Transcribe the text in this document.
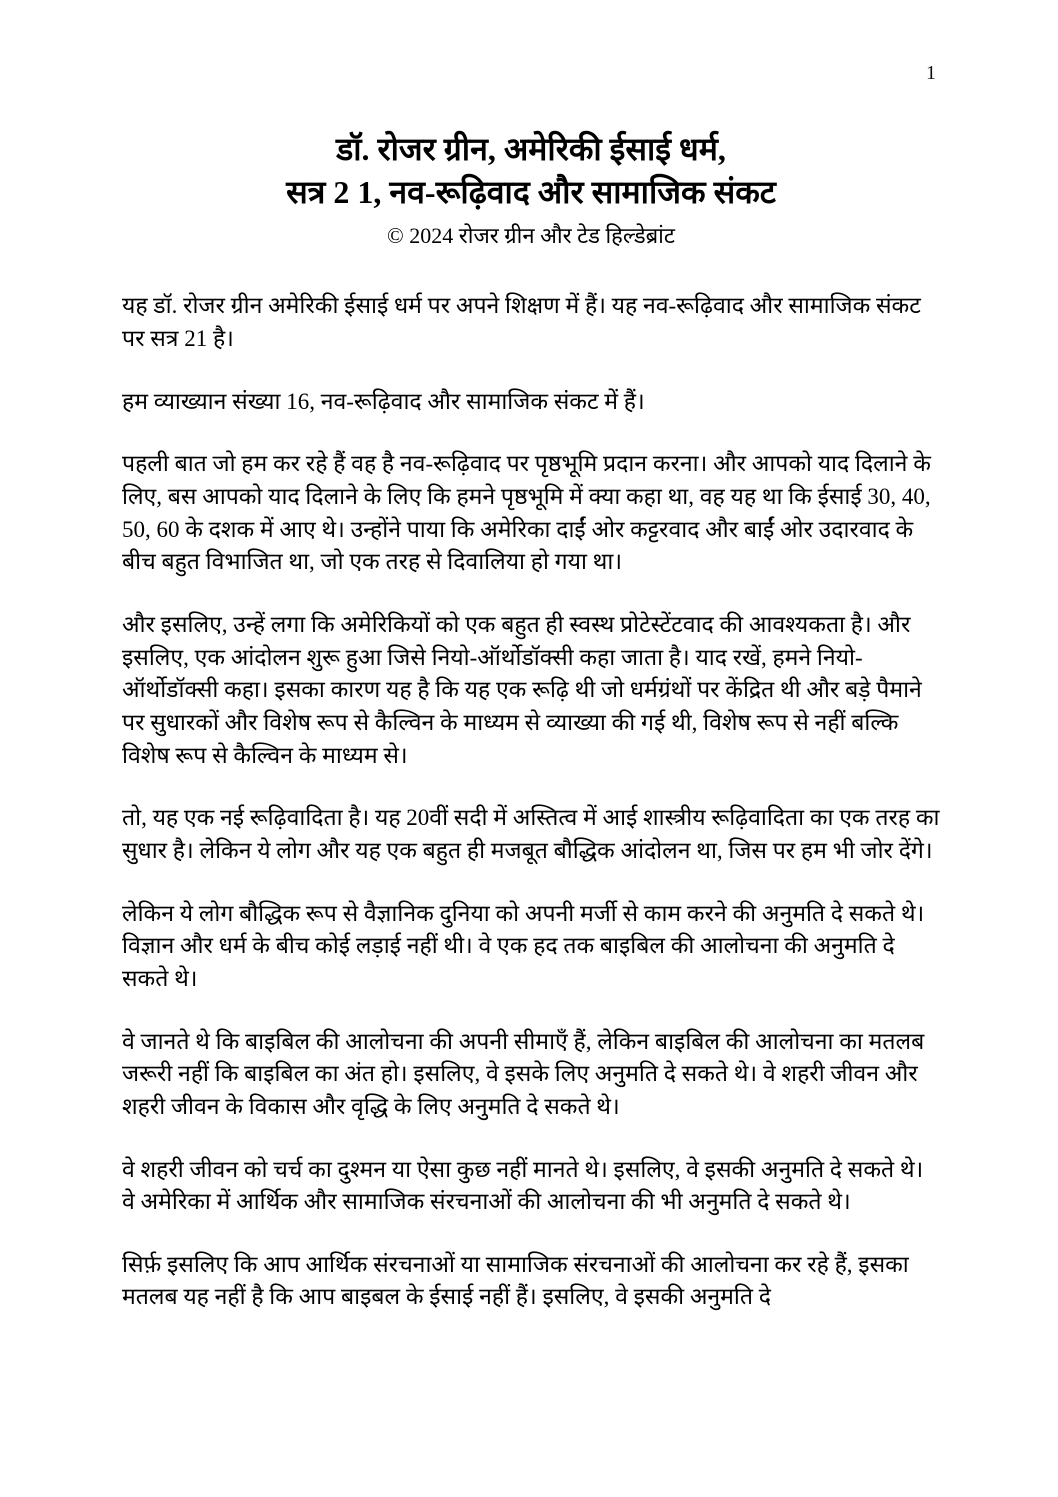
1
डॉ. रोजर ग्रीन, अमेरिकी ईसाई धर्म,
सत्र 2 1, नव-रूढ़िवाद और सामाजिक संकट
© 2024 रोजर ग्रीन और टेड हिल्डेब्रांट

यह डॉ. रोजर ग्रीन अमेरिकी ईसाई धर्म पर अपने शिक्षण में हैं। यह नव-रूढ़िवाद और सामाजिक संकट पर सत्र 21 है।

हम व्याख्यान संख्या 16, नव-रूढ़िवाद और सामाजिक संकट में हैं।

पहली बात जो हम कर रहे हैं वह है नव-रूढ़िवाद पर पृष्ठभूमि प्रदान करना। और आपको याद दिलाने के लिए, बस आपको याद दिलाने के लिए कि हमने पृष्ठभूमि में क्या कहा था, वह यह था कि ईसाई 30, 40, 50, 60 के दशक में आए थे। उन्होंने पाया कि अमेरिका दाईं ओर कट्टरवाद और बाईं ओर उदारवाद के बीच बहुत विभाजित था, जो एक तरह से दिवालिया हो गया था।

और इसलिए, उन्हें लगा कि अमेरिकियों को एक बहुत ही स्वस्थ प्रोटेस्टेंटवाद की आवश्यकता है। और इसलिए, एक आंदोलन शुरू हुआ जिसे नियो-ऑर्थोडॉक्सी कहा जाता है। याद रखें, हमने नियो-ऑर्थोडॉक्सी कहा। इसका कारण यह है कि यह एक रूढ़ि थी जो धर्मग्रंथों पर केंद्रित थी और बड़े पैमाने पर सुधारकों और विशेष रूप से कैल्विन के माध्यम से व्याख्या की गई थी, विशेष रूप से नहीं बल्कि विशेष रूप से कैल्विन के माध्यम से।

तो, यह एक नई रूढ़िवादिता है। यह 20वीं सदी में अस्तित्व में आई शास्त्रीय रूढ़िवादिता का एक तरह का सुधार है। लेकिन ये लोग और यह एक बहुत ही मजबूत बौद्धिक आंदोलन था, जिस पर हम भी जोर देंगे।

लेकिन ये लोग बौद्धिक रूप से वैज्ञानिक दुनिया को अपनी मर्जी से काम करने की अनुमति दे सकते थे। विज्ञान और धर्म के बीच कोई लड़ाई नहीं थी। वे एक हद तक बाइबिल की आलोचना की अनुमति दे सकते थे।

वे जानते थे कि बाइबिल की आलोचना की अपनी सीमाएँ हैं, लेकिन बाइबिल की आलोचना का मतलब जरूरी नहीं कि बाइबिल का अंत हो। इसलिए, वे इसके लिए अनुमति दे सकते थे। वे शहरी जीवन और शहरी जीवन के विकास और वृद्धि के लिए अनुमति दे सकते थे।

वे शहरी जीवन को चर्च का दुश्मन या ऐसा कुछ नहीं मानते थे। इसलिए, वे इसकी अनुमति दे सकते थे। वे अमेरिका में आर्थिक और सामाजिक संरचनाओं की आलोचना की भी अनुमति दे सकते थे।

सिर्फ़ इसलिए कि आप आर्थिक संरचनाओं या सामाजिक संरचनाओं की आलोचना कर रहे हैं, इसका मतलब यह नहीं है कि आप बाइबल के ईसाई नहीं हैं। इसलिए, वे इसकी अनुमति दे
